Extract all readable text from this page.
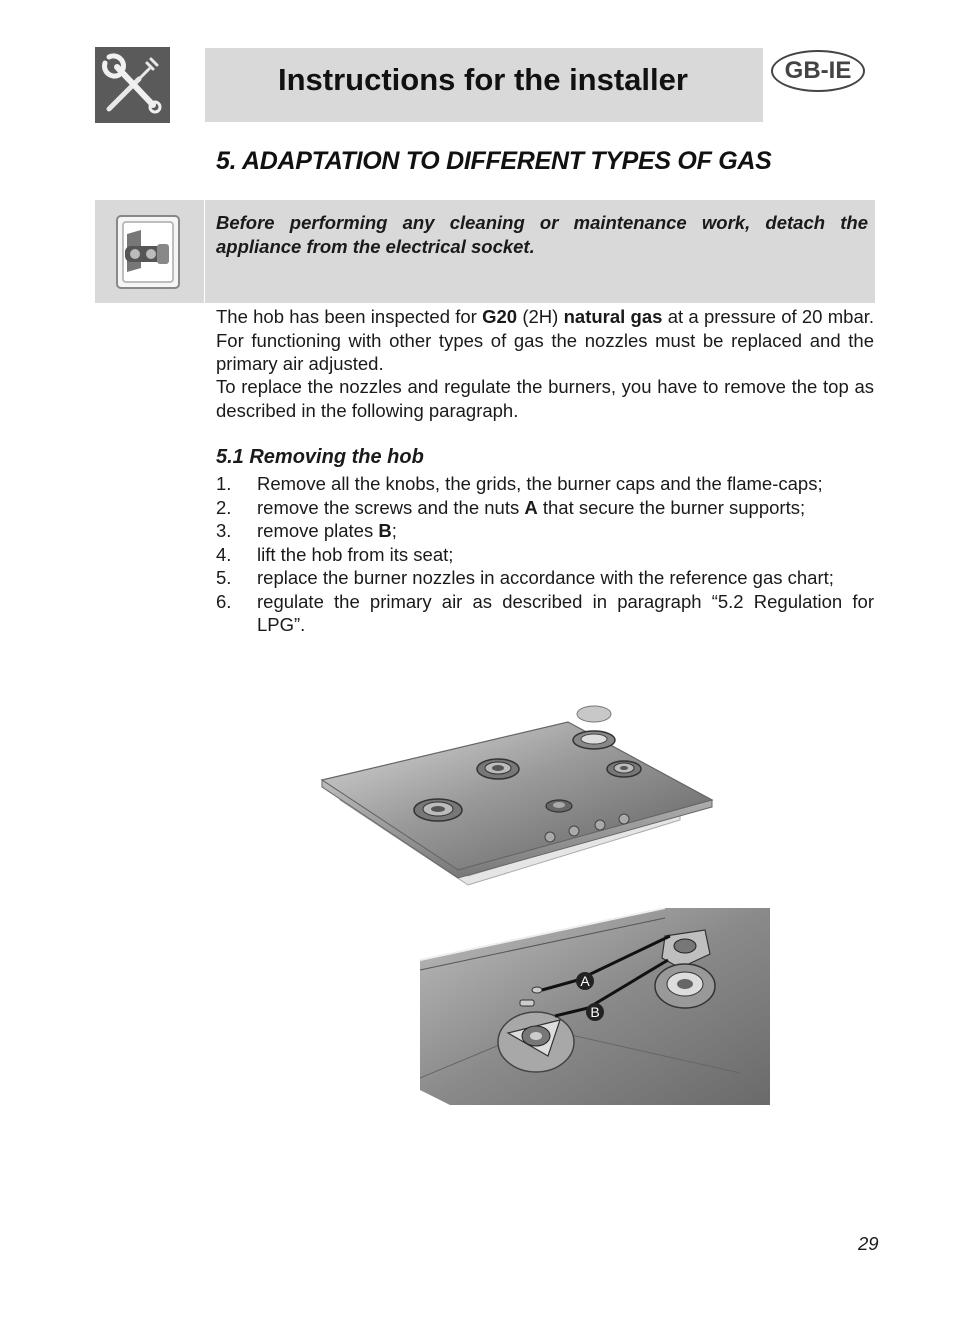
Instructions for the installer	GB-IE
5. ADAPTATION TO DIFFERENT TYPES OF GAS
Before performing any cleaning or maintenance work, detach the appliance from the electrical socket.
The hob has been inspected for G20 (2H) natural gas at a pressure of 20 mbar. For functioning with other types of gas the nozzles must be replaced and the primary air adjusted.
To replace the nozzles and regulate the burners, you have to remove the top as described in the following paragraph.
5.1 Removing the hob
1. Remove all the knobs, the grids, the burner caps and the flame-caps;
2. remove the screws and the nuts A that secure the burner supports;
3. remove plates B;
4. lift the hob from its seat;
5. replace the burner nozzles in accordance with the reference gas chart;
6. regulate the primary air as described in paragraph “5.2 Regulation for LPG”.
A
B
29
